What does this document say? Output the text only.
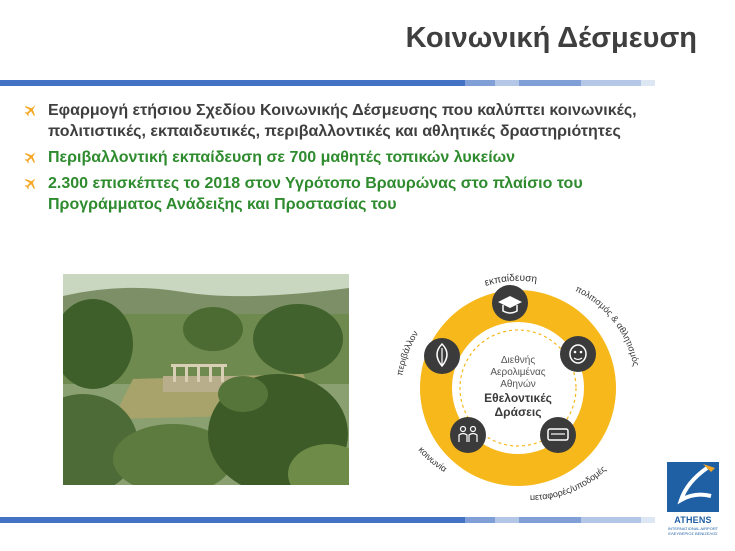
Κοινωνική Δέσμευση
Εφαρμογή ετήσιου Σχεδίου Κοινωνικής Δέσμευσης που καλύπτει κοινωνικές, πολιτιστικές, εκπαιδευτικές, περιβαλλοντικές και αθλητικές δραστηριότητες
Περιβαλλοντική εκπαίδευση σε 700 μαθητές τοπικών λυκείων
2.300 επισκέπτες το 2018 στον Υγρότοπο Βραυρώνας στο πλαίσιο του Προγράμματος Ανάδειξης και Προστασίας του
Διεθνής
Αερολιμένας
Αθηνών
Εθελοντικές
Δράσεις
εκπαίδευση
πολιτισμός & αθλητισμός
μεταφορές/υποδομές
κοινωνία
περιβάλλον
ATHENS
INTERNATIONAL AIRPORT ΕΛΕΥΘΕΡΙΟΣ ΒΕΝΙΖΕΛΟΣ
